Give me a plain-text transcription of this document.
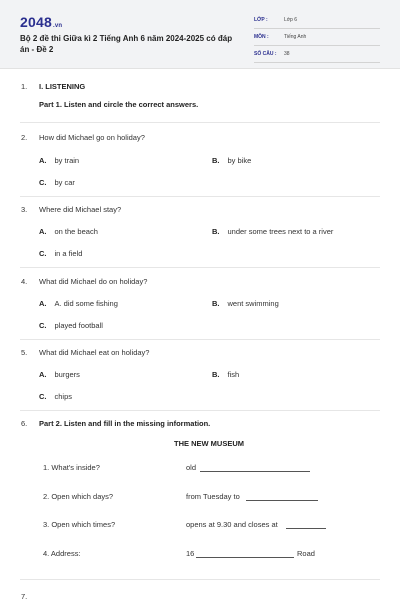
2048.vn
Bộ 2 đề thi Giữa kì 2 Tiếng Anh 6 năm 2024-2025 có đáp án - Đề 2
LỚP :	Lớp 6
MÔN :	Tiếng Anh
SỐ CÂU : 38
1. I. LISTENING
Part 1. Listen and circle the correct answers.
2. How did Michael go on holiday?
A. by train	B. by bike
C. by car
3. Where did Michael stay?
A. on the beach	B. under some trees next to a river
C. in a field
4. What did Michael do on holiday?
A. A. did some fishing	B. went swimming
C. played football
5. What did Michael eat on holiday?
A. burgers	B. fish
C. chips
6. Part 2. Listen and fill in the missing information.
THE NEW MUSEUM
1. What's inside?	old
2. Open which days?	from Tuesday to
3. Open which times?	opens at 9.30 and closes at
4. Address:	16	Road
7.
